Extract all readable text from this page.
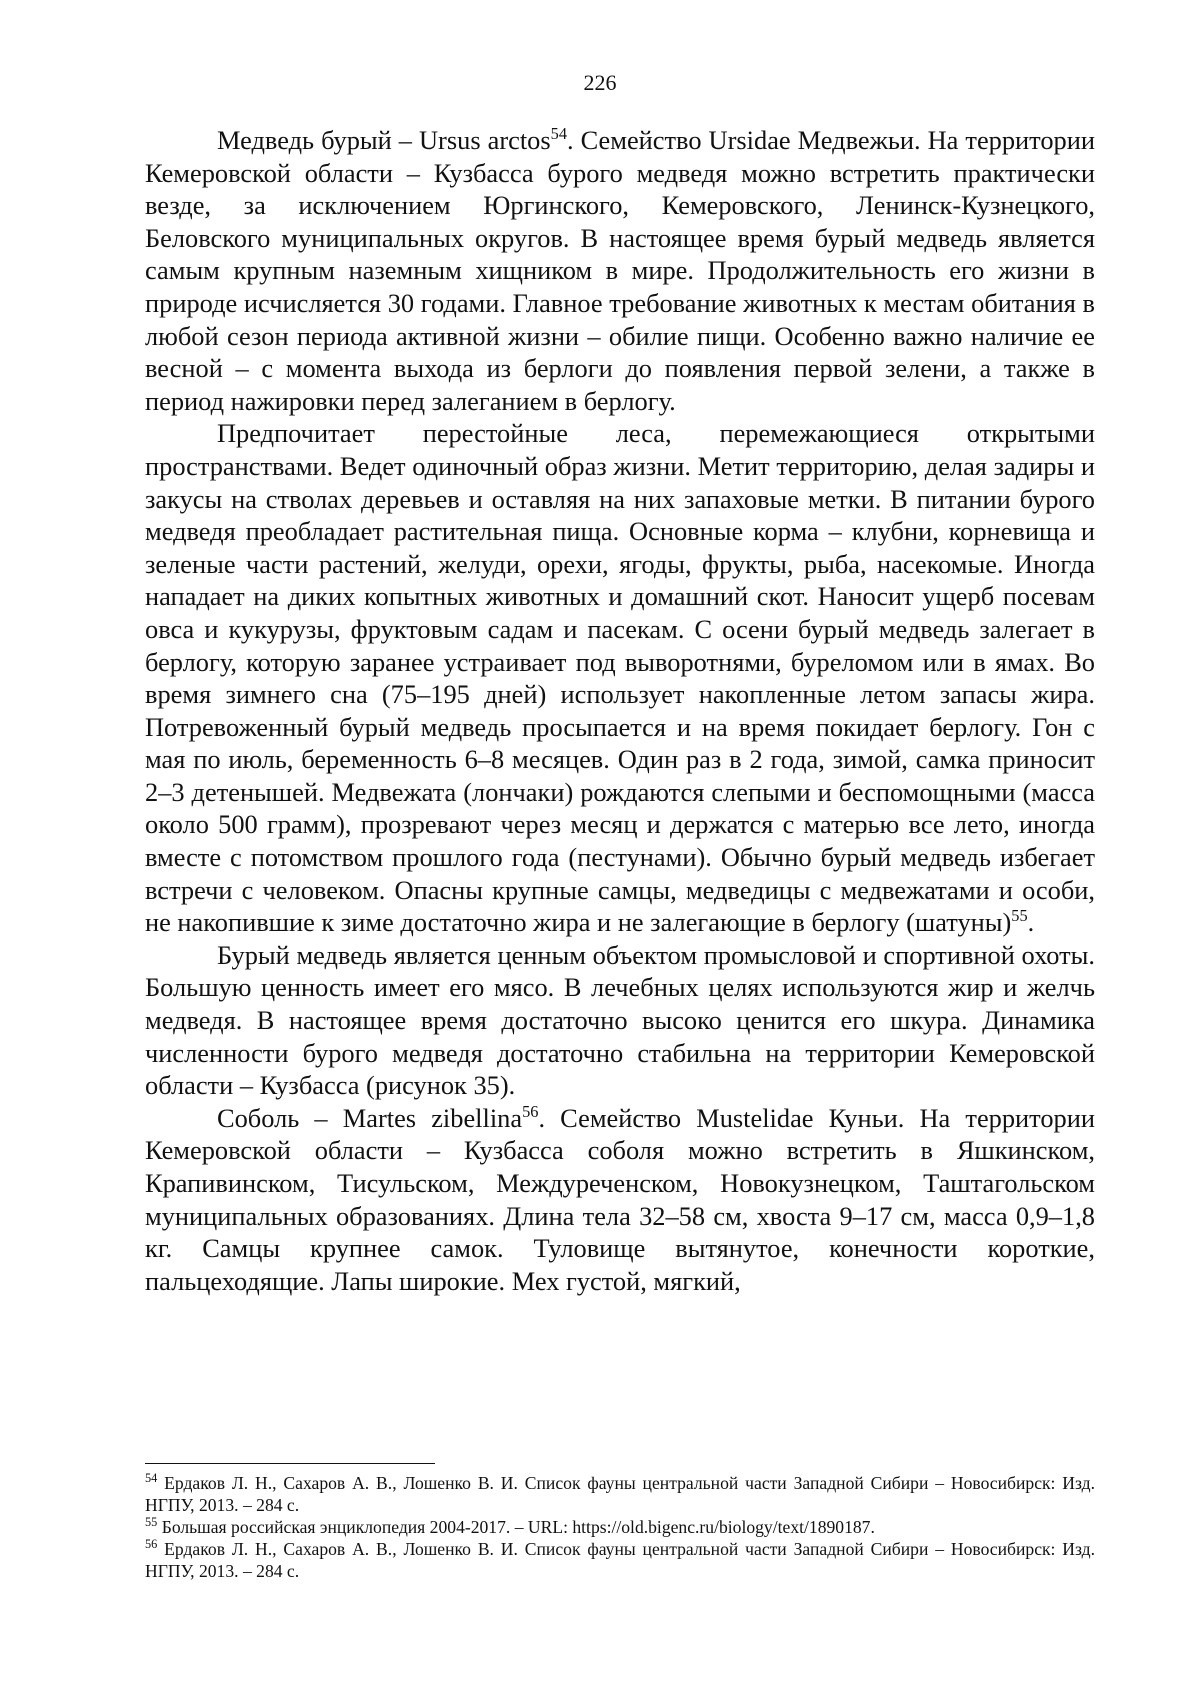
226

Медведь бурый – Ursus arctos$^{54}$. Семейство Ursidae Медвежьи. На территории Кемеровской области – Кузбасса бурого медведя можно встретить практически везде, за исключением Юргинского, Кемеровского, Ленинск-Кузнецкого, Беловского муниципальных округов. В настоящее время бурый медведь является самым крупным наземным хищником в мире. Продолжительность его жизни в природе исчисляется 30 годами. Главное требование животных к местам обитания в любой сезон периода активной жизни – обилие пищи. Особенно важно наличие ее весной – с момента выхода из берлоги до появления первой зелени, а также в период нажировки перед залеганием в берлогу.

Предпочитает перестойные леса, перемежающиеся открытыми пространствами. Ведет одиночный образ жизни. Метит территорию, делая задиры и закусы на стволах деревьев и оставляя на них запаховые метки. В питании бурого медведя преобладает растительная пища. Основные корма – клубни, корневища и зеленые части растений, желуди, орехи, ягоды, фрукты, рыба, насекомые. Иногда нападает на диких копытных животных и домашний скот. Наносит ущерб посевам овса и кукурузы, фруктовым садам и пасекам. С осени бурый медведь залегает в берлогу, которую заранее устраивает под выворотнями, буреломом или в ямах. Во время зимнего сна (75–195 дней) использует накопленные летом запасы жира. Потревоженный бурый медведь просыпается и на время покидает берлогу. Гон с мая по июль, беременность 6–8 месяцев. Один раз в 2 года, зимой, самка приносит 2–3 детенышей. Медвежата (лончаки) рождаются слепыми и беспомощными (масса около 500 грамм), прозревают через месяц и держатся с матерью все лето, иногда вместе с потомством прошлого года (пестунами). Обычно бурый медведь избегает встречи с человеком. Опасны крупные самцы, медведицы с медвежатами и особи, не накопившие к зиме достаточно жира и не залегающие в берлогу (шатуны)$^{55}$.

Бурый медведь является ценным объектом промысловой и спортивной охоты. Большую ценность имеет его мясо. В лечебных целях используются жир и желчь медведя. В настоящее время достаточно высоко ценится его шкура. Динамика численности бурого медведя достаточно стабильна на территории Кемеровской области – Кузбасса (рисунок 35).

Соболь – Martes zibellina$^{56}$. Семейство Mustelidae Куньи. На территории Кемеровской области – Кузбасса соболя можно встретить в Яшкинском, Крапивинском, Тисульском, Междуреченском, Новокузнецком, Таштагольском муниципальных образованиях. Длина тела 32–58 см, хвоста 9–17 см, масса 0,9–1,8 кг. Самцы крупнее самок. Туловище вытянутое, конечности короткие, пальцеходящие. Лапы широкие. Мех густой, мягкий,

$^{54}$ Ердаков Л. Н., Сахаров А. В., Лошенко В. И. Список фауны центральной части Западной Сибири – Новосибирск: Изд. НГПУ, 2013. – 284 с.

$^{55}$ Большая российская энциклопедия 2004-2017. – URL: https://old.bigenc.ru/biology/text/1890187.

$^{56}$ Ердаков Л. Н., Сахаров А. В., Лошенко В. И. Список фауны центральной части Западной Сибири – Новосибирск: Изд. НГПУ, 2013. – 284 с.
